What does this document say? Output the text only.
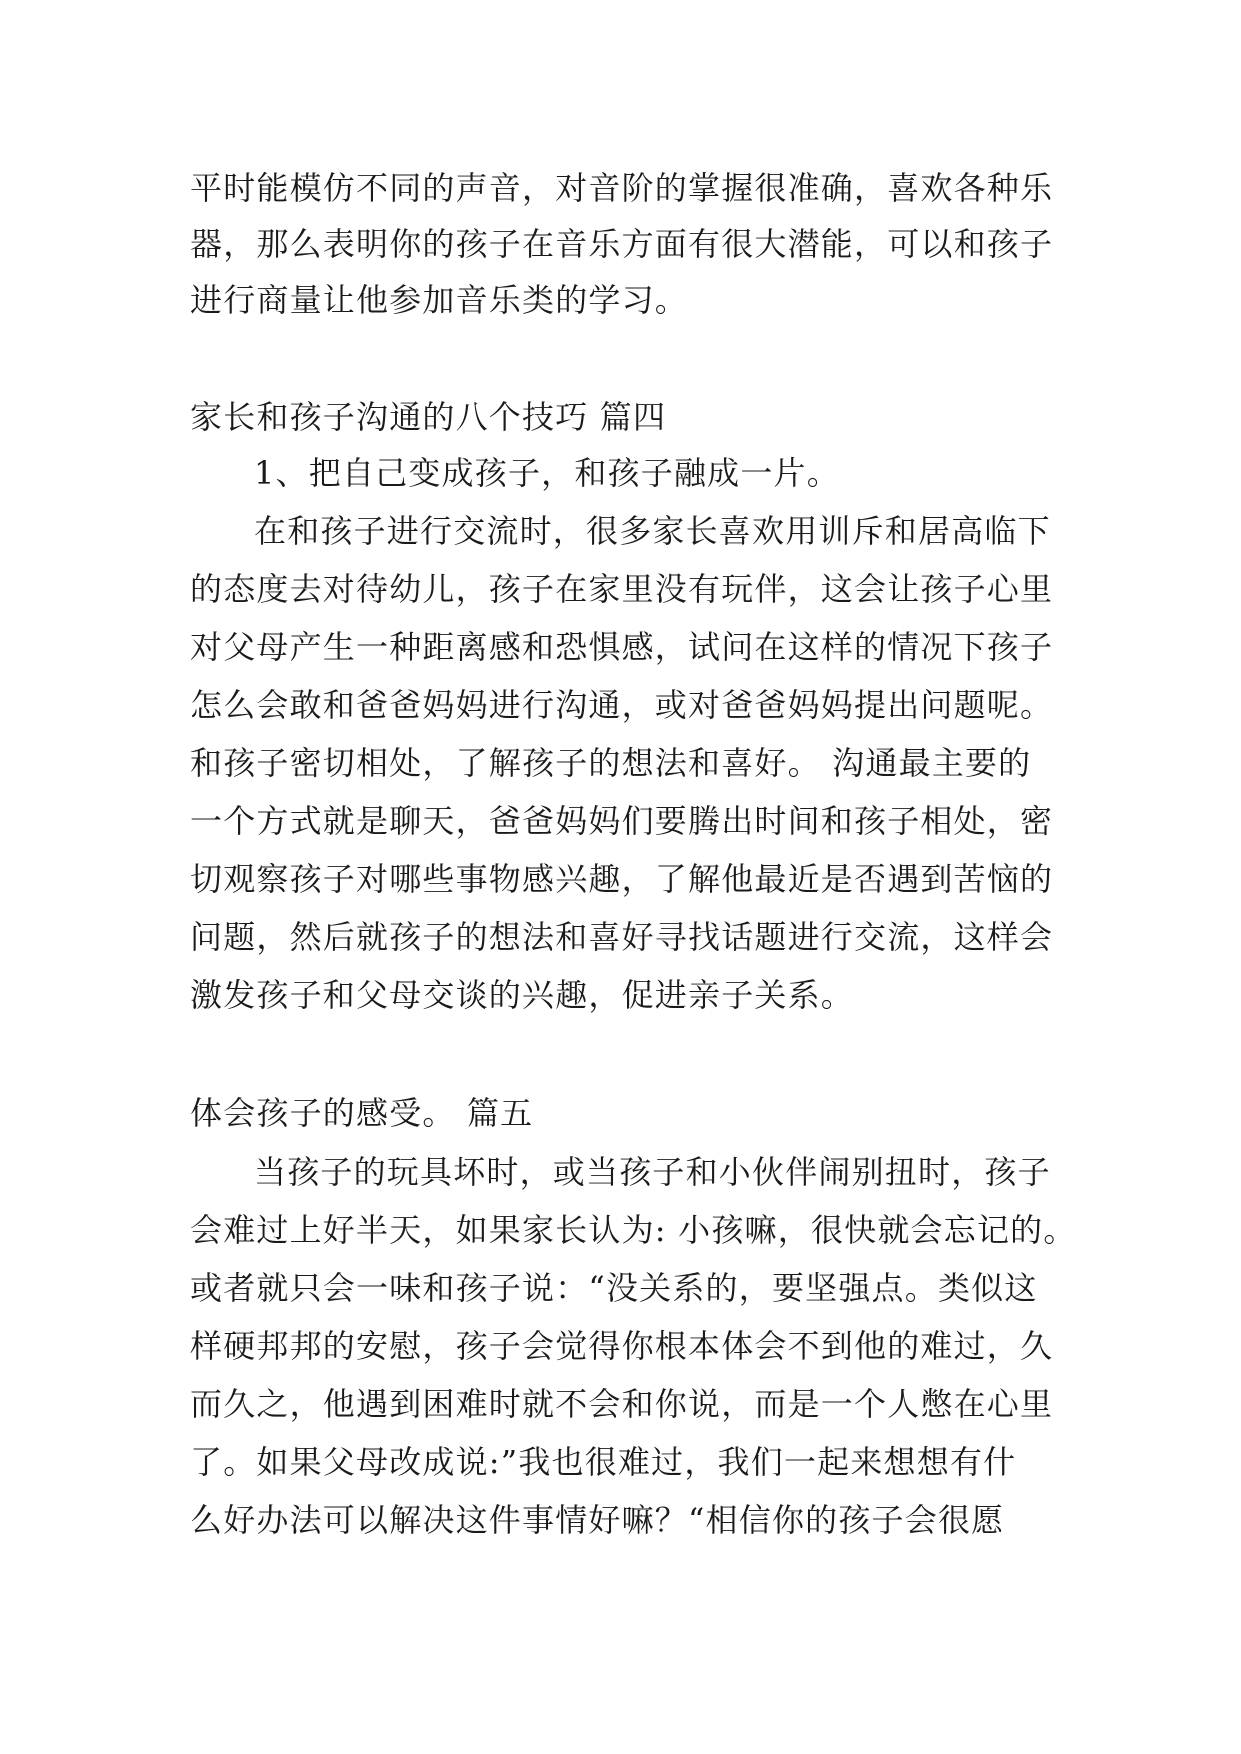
平时能模仿不同的声音，对音阶的掌握很准确，喜欢各种乐
器，那么表明你的孩子在音乐方面有很大潜能，可以和孩子
进行商量让他参加音乐类的学习。
家长和孩子沟通的八个技巧 篇四
1、把自己变成孩子，和孩子融成一片。
在和孩子进行交流时，很多家长喜欢用训斥和居高临下
的态度去对待幼儿，孩子在家里没有玩伴，这会让孩子心里
对父母产生一种距离感和恐惧感，试问在这样的情况下孩子
怎么会敢和爸爸妈妈进行沟通，或对爸爸妈妈提出问题呢。
和孩子密切相处，了解孩子的想法和喜好。 沟通最主要的
一个方式就是聊天，爸爸妈妈们要腾出时间和孩子相处，密
切观察孩子对哪些事物感兴趣，了解他最近是否遇到苦恼的
问题，然后就孩子的想法和喜好寻找话题进行交流，这样会
激发孩子和父母交谈的兴趣，促进亲子关系。
体会孩子的感受。 篇五
当孩子的玩具坏时，或当孩子和小伙伴闹别扭时，孩子
会难过上好半天，如果家长认为: 小孩嘛，很快就会忘记的。
或者就只会一味和孩子说：“没关系的，要坚强点。类似这
样硬邦邦的安慰，孩子会觉得你根本体会不到他的难过，久
而久之，他遇到困难时就不会和你说，而是一个人憋在心里
了。如果父母改成说:”我也很难过，我们一起来想想有什
么好办法可以解决这件事情好嘛？“相信你的孩子会很愿
